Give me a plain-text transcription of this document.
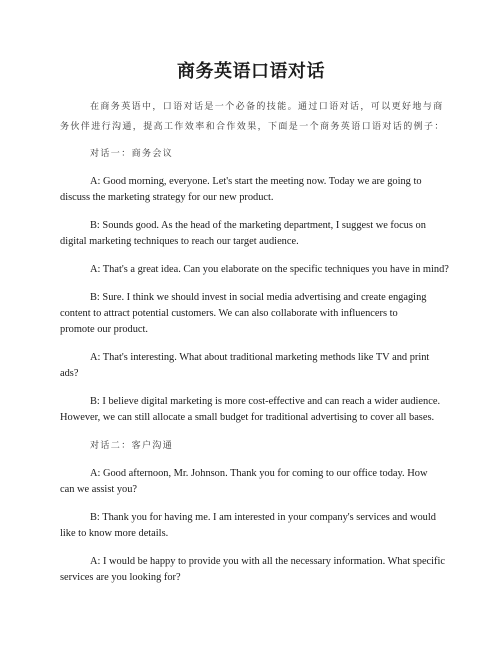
商务英语口语对话
在商务英语中，口语对话是一个必备的技能。通过口语对话，可以更好地与商
务伙伴进行沟通，提高工作效率和合作效果，下面是一个商务英语口语对话的例子：
对话一：商务会议
A: Good morning, everyone. Let's start the meeting now. Today we are going to
discuss the marketing strategy for our new product.
B: Sounds good. As the head of the marketing department, I suggest we focus on
digital marketing techniques to reach our target audience.
A: That's a great idea. Can you elaborate on the specific techniques you have in mind?
B: Sure. I think we should invest in social media advertising and create engaging
content to attract potential customers. We can also collaborate with influencers to
promote our product.
A: That's interesting. What about traditional marketing methods like TV and print
ads?
B: I believe digital marketing is more cost-effective and can reach a wider audience.
However, we can still allocate a small budget for traditional advertising to cover all bases.
对话二：客户沟通
A: Good afternoon, Mr. Johnson. Thank you for coming to our office today. How
can we assist you?
B: Thank you for having me. I am interested in your company's services and would
like to know more details.
A: I would be happy to provide you with all the necessary information. What specific
services are you looking for?
